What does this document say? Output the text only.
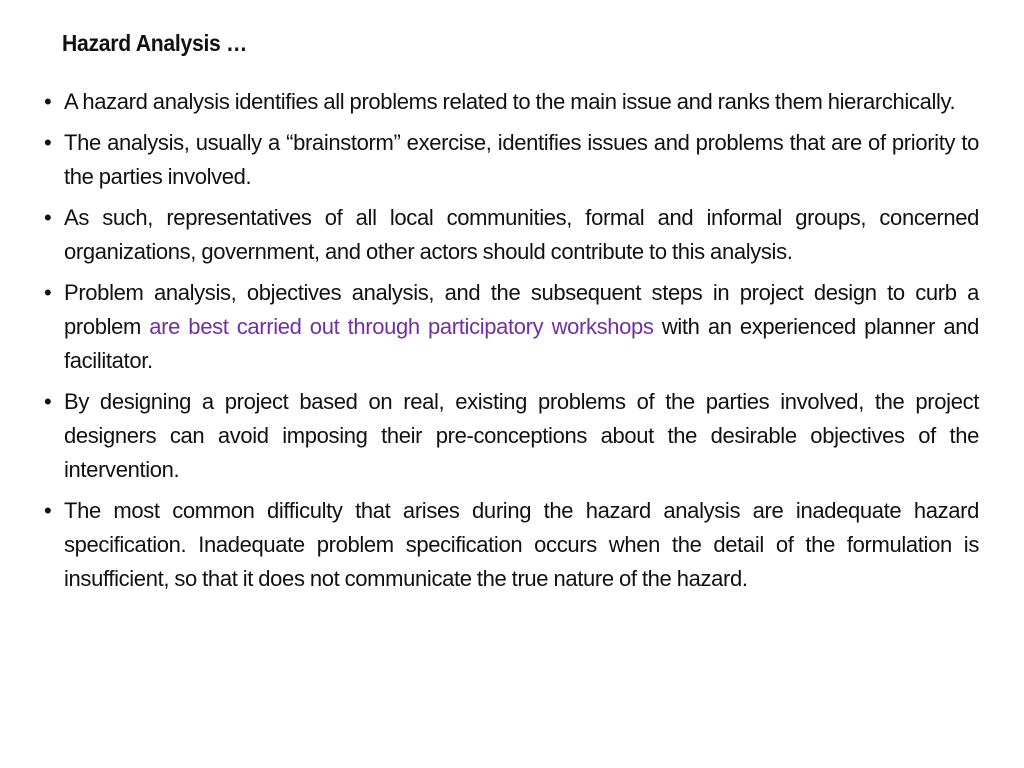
Hazard Analysis …
• A hazard analysis identifies all problems related to the main issue and ranks them hierarchically.
• The analysis, usually a “brainstorm” exercise, identifies issues and problems that are of priority to the parties involved.
• As such, representatives of all local communities, formal and informal groups, concerned organizations, government, and other actors should contribute to this analysis.
• Problem analysis, objectives analysis, and the subsequent steps in project design to curb a problem are best carried out through participatory workshops with an experienced planner and facilitator.
• By designing a project based on real, existing problems of the parties involved, the project designers can avoid imposing their pre-conceptions about the desirable objectives of the intervention.
• The most common difficulty that arises during the hazard analysis are inadequate hazard specification. Inadequate problem specification occurs when the detail of the formulation is insufficient, so that it does not communicate the true nature of the hazard.
